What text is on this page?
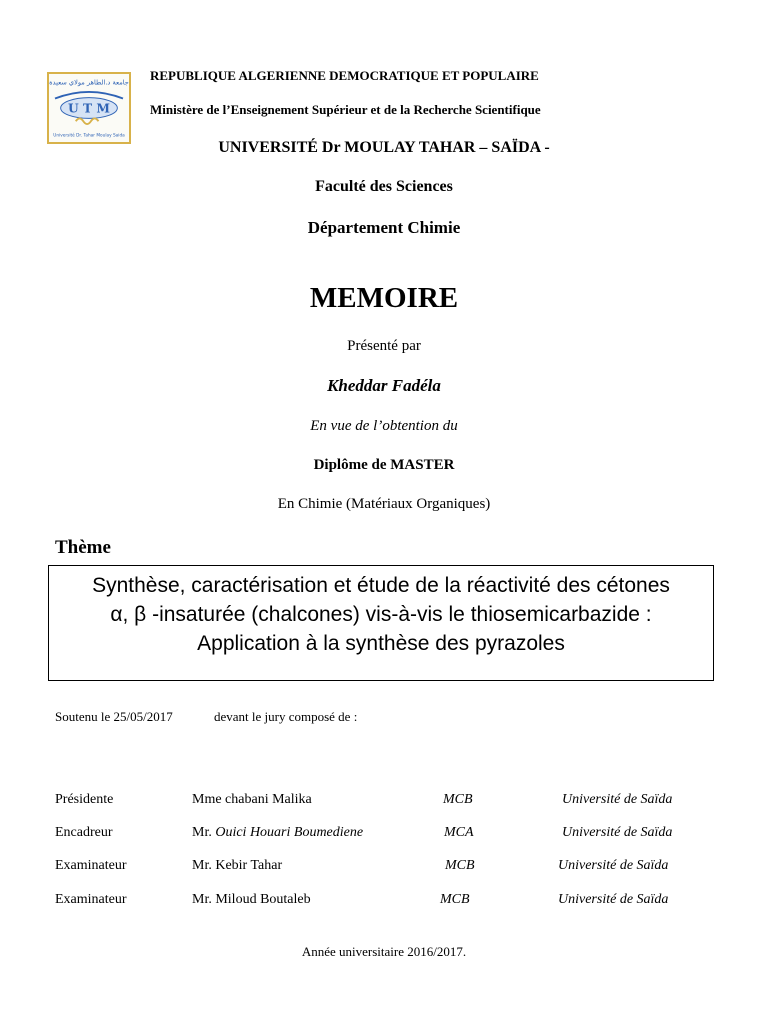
جامعة د.الطاهر مولاي سعيدة
U T M
Université Dr. Tahar Moulay Saida
REPUBLIQUE ALGERIENNE DEMOCRATIQUE ET POPULAIRE
Ministère de l’Enseignement Supérieur et de la Recherche Scientifique
UNIVERSITÉ Dr MOULAY TAHAR – SAÏDA -
Faculté des Sciences
Département Chimie
MEMOIRE
Présenté par
Kheddar Fadéla
En vue de l’obtention du
Diplôme de MASTER
En Chimie (Matériaux Organiques)
Thème
Synthèse, caractérisation et étude de la réactivité des cétones
α, β -insaturée (chalcones) vis-à-vis le thiosemicarbazide :
Application à la synthèse des pyrazoles
Soutenu le 25/05/2017	devant le jury composé de :
Présidente	Mme chabani Malika	MCB	Université de Saïda
Encadreur	Mr. Ouici Houari Boumediene	MCA	Université de Saïda
Examinateur	Mr. Kebir Tahar	MCB	Université de Saïda
Examinateur	Mr. Miloud Boutaleb	MCB	Université de Saïda
Année universitaire 2016/2017.
